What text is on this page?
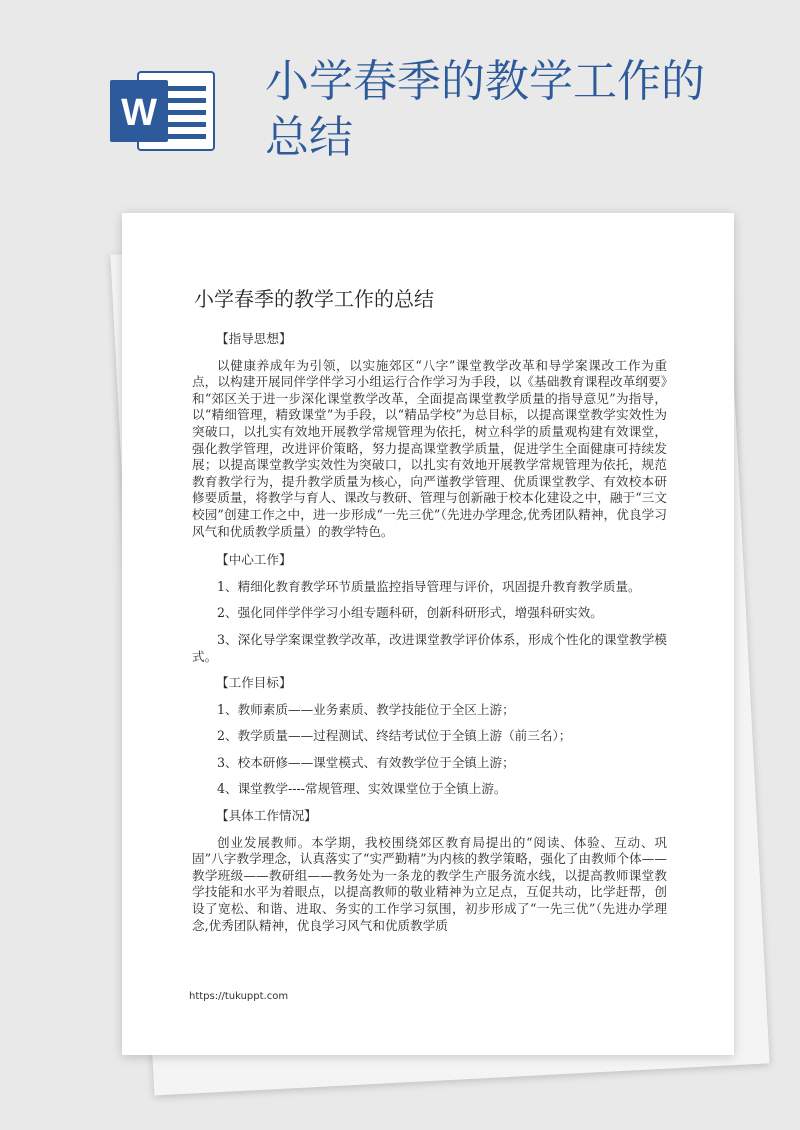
W
小学春季的教学工作的总结
小学春季的教学工作的总结

【指导思想】

以健康养成年为引领，以实施郊区“八字”课堂教学改革和导学案课改工作为重点，以构建开展同伴学伴学习小组运行合作学习为手段，以《基础教育课程改革纲要》和“郊区关于进一步深化课堂教学改革，全面提高课堂教学质量的指导意见”为指导，以“精细管理，精致课堂”为手段，以“精品学校”为总目标，以提高课堂教学实效性为突破口，以扎实有效地开展教学常规管理为依托，树立科学的质量观构建有效课堂，强化教学管理，改进评价策略，努力提高课堂教学质量，促进学生全面健康可持续发展；以提高课堂教学实效性为突破口，以扎实有效地开展教学常规管理为依托，规范教育教学行为，提升教学质量为核心，向严谨教学管理、优质课堂教学、有效校本研修要质量，将教学与育人、课改与教研、管理与创新融于校本化建设之中，融于“三文校园”创建工作之中，进一步形成“一先三优”（先进办学理念,优秀团队精神，优良学习风气和优质教学质量）的教学特色。

【中心工作】

1、精细化教育教学环节质量监控指导管理与评价，巩固提升教育教学质量。

2、强化同伴学伴学习小组专题科研，创新科研形式，增强科研实效。

3、深化导学案课堂教学改革，改进课堂教学评价体系，形成个性化的课堂教学模式。

【工作目标】

1、教师素质——业务素质、教学技能位于全区上游；

2、教学质量——过程测试、终结考试位于全镇上游（前三名）；

3、校本研修——课堂模式、有效教学位于全镇上游；

4、课堂教学----常规管理、实效课堂位于全镇上游。

【具体工作情况】

创业发展教师。本学期，我校围绕郊区教育局提出的“阅读、体验、互动、巩固”八字教学理念，认真落实了“实严勤精”为内核的教学策略，强化了由教师个体——教学班级——教研组——教务处为一条龙的教学生产服务流水线，以提高教师课堂教学技能和水平为着眼点，以提高教师的敬业精神为立足点，互促共动，比学赶帮，创设了宽松、和谐、进取、务实的工作学习氛围，初步形成了“一先三优”（先进办学理念,优秀团队精神，优良学习风气和优质教学质

https://tukuppt.com
